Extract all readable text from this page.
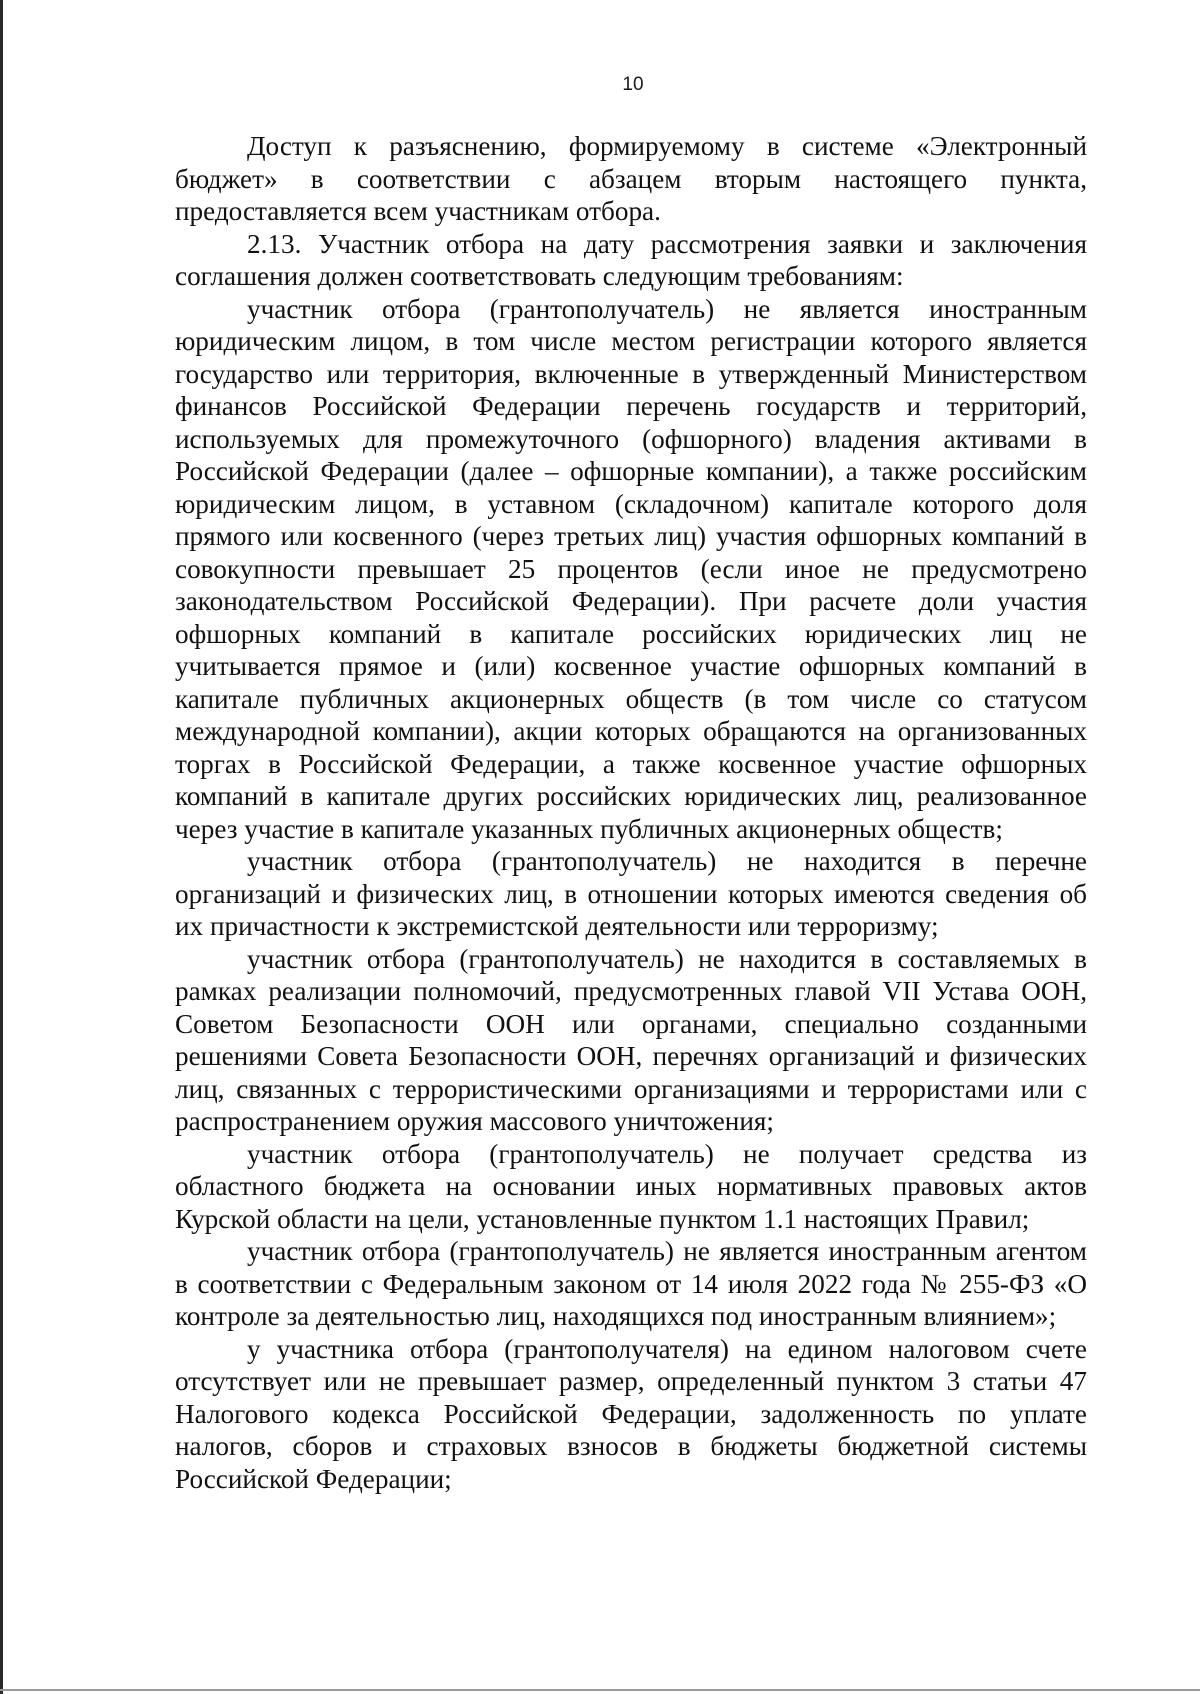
10

Доступ к разъяснению, формируемому в системе «Электронный бюджет» в соответствии с абзацем вторым настоящего пункта, предоставляется всем участникам отбора.

2.13. Участник отбора на дату рассмотрения заявки и заключения соглашения должен соответствовать следующим требованиям:

участник отбора (грантополучатель) не является иностранным юридическим лицом, в том числе местом регистрации которого является государство или территория, включенные в утвержденный Министерством финансов Российской Федерации перечень государств и территорий, используемых для промежуточного (офшорного) владения активами в Российской Федерации (далее – офшорные компании), а также российским юридическим лицом, в уставном (складочном) капитале которого доля прямого или косвенного (через третьих лиц) участия офшорных компаний в совокупности превышает 25 процентов (если иное не предусмотрено законодательством Российской Федерации). При расчете доли участия офшорных компаний в капитале российских юридических лиц не учитывается прямое и (или) косвенное участие офшорных компаний в капитале публичных акционерных обществ (в том числе со статусом международной компании), акции которых обращаются на организованных торгах в Российской Федерации, а также косвенное участие офшорных компаний в капитале других российских юридических лиц, реализованное через участие в капитале указанных публичных акционерных обществ;

участник отбора (грантополучатель) не находится в перечне организаций и физических лиц, в отношении которых имеются сведения об их причастности к экстремистской деятельности или терроризму;

участник отбора (грантополучатель) не находится в составляемых в рамках реализации полномочий, предусмотренных главой VII Устава ООН, Советом Безопасности ООН или органами, специально созданными решениями Совета Безопасности ООН, перечнях организаций и физических лиц, связанных с террористическими организациями и террористами или с распространением оружия массового уничтожения;

участник отбора (грантополучатель) не получает средства из областного бюджета на основании иных нормативных правовых актов Курской области на цели, установленные пунктом 1.1 настоящих Правил;

участник отбора (грантополучатель) не является иностранным агентом в соответствии с Федеральным законом от 14 июля 2022 года № 255-ФЗ «О контроле за деятельностью лиц, находящихся под иностранным влиянием»;

у участника отбора (грантополучателя) на едином налоговом счете отсутствует или не превышает размер, определенный пунктом 3 статьи 47 Налогового кодекса Российской Федерации, задолженность по уплате налогов, сборов и страховых взносов в бюджеты бюджетной системы Российской Федерации;
